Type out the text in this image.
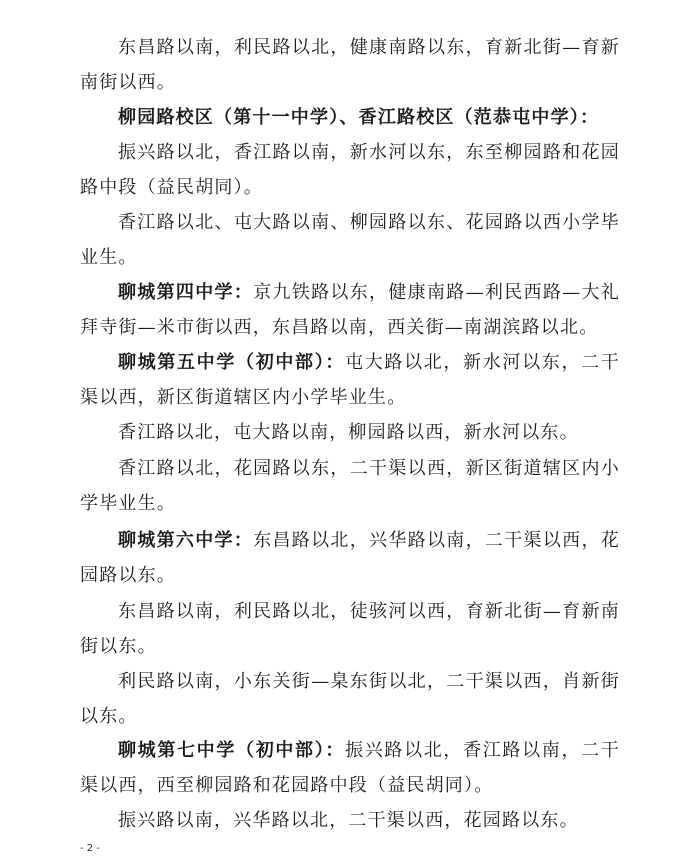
东昌路以南，利民路以北，健康南路以东，育新北街—育新南街以西。

柳园路校区（第十一中学）、香江路校区（范恭屯中学）：

振兴路以北，香江路以南，新水河以东，东至柳园路和花园路中段（益民胡同）。

香江路以北、屯大路以南、柳园路以东、花园路以西小学毕业生。

聊城第四中学：京九铁路以东，健康南路—利民西路—大礼拜寺街—米市街以西，东昌路以南，西关街—南湖滨路以北。

聊城第五中学（初中部）：屯大路以北，新水河以东，二干渠以西，新区街道辖区内小学毕业生。

香江路以北，屯大路以南，柳园路以西，新水河以东。

香江路以北，花园路以东，二干渠以西，新区街道辖区内小学毕业生。

聊城第六中学：东昌路以北，兴华路以南，二干渠以西，花园路以东。

东昌路以南，利民路以北，徒骇河以西，育新北街—育新南街以东。

利民路以南，小东关街—臬东街以北，二干渠以西，肖新街以东。

聊城第七中学（初中部）：振兴路以北，香江路以南，二干渠以西，西至柳园路和花园路中段（益民胡同）。

振兴路以南，兴华路以北，二干渠以西，花园路以东。

- 2 -
